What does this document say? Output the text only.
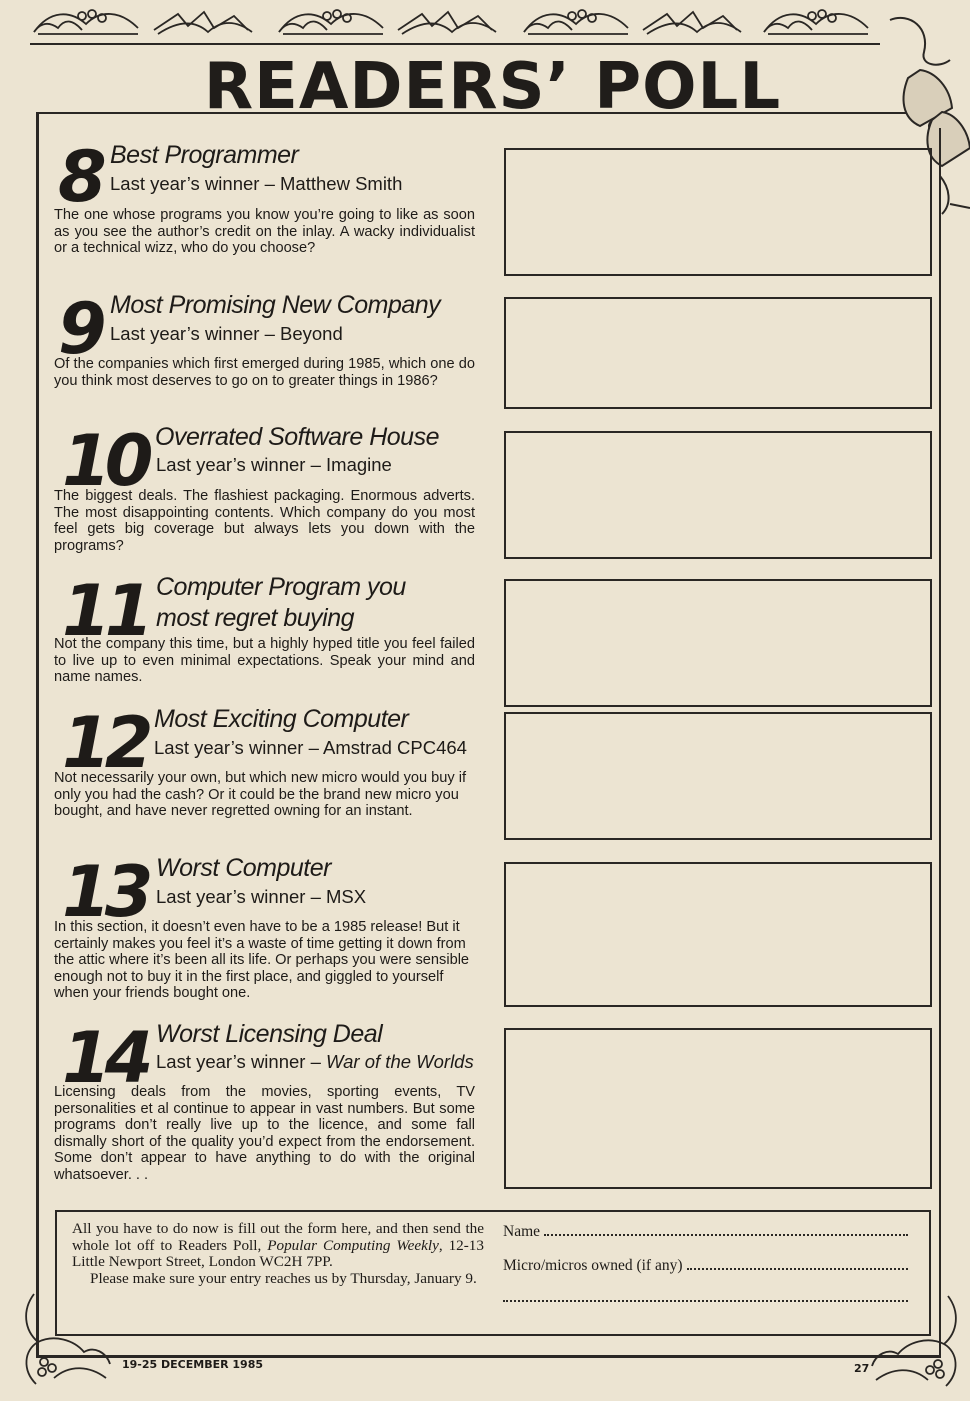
READERS’ POLL
8 Best Programmer
Last year’s winner – Matthew Smith
The one whose programs you know you’re going to like as soon as you see the author’s credit on the inlay. A wacky individualist or a technical wizz, who do you choose?
9 Most Promising New Company
Last year’s winner – Beyond
Of the companies which first emerged during 1985, which one do you think most deserves to go on to greater things in 1986?
10 Overrated Software House
Last year’s winner – Imagine
The biggest deals. The flashiest packaging. Enormous adverts. The most disappointing contents. Which company do you most feel gets big coverage but always lets you down with the programs?
11 Computer Program you
most regret buying
Not the company this time, but a highly hyped title you feel failed to live up to even minimal expectations. Speak your mind and name names.
12 Most Exciting Computer
Last year’s winner – Amstrad CPC464
Not necessarily your own, but which new micro would you buy if only you had the cash? Or it could be the brand new micro you bought, and have never regretted owning for an instant.
13 Worst Computer
Last year’s winner – MSX
In this section, it doesn’t even have to be a 1985 release! But it certainly makes you feel it’s a waste of time getting it down from the attic where it’s been all its life. Or perhaps you were sensible enough not to buy it in the first place, and giggled to yourself when your friends bought one.
14 Worst Licensing Deal
Last year’s winner – War of the Worlds
Licensing deals from the movies, sporting events, TV personalities et al continue to appear in vast numbers. But some programs don’t really live up to the licence, and some fall dismally short of the quality you’d expect from the endorsement. Some don’t appear to have anything to do with the original whatsoever. . .

All you have to do now is fill out the form here, and then send the whole lot off to Readers Poll, Popular Computing Weekly, 12-13 Little Newport Street, London WC2H 7PP.

Please make sure your entry reaches us by Thursday, January 9.

Name
Micro/micros owned (if any)
19-25 DECEMBER 1985	27
